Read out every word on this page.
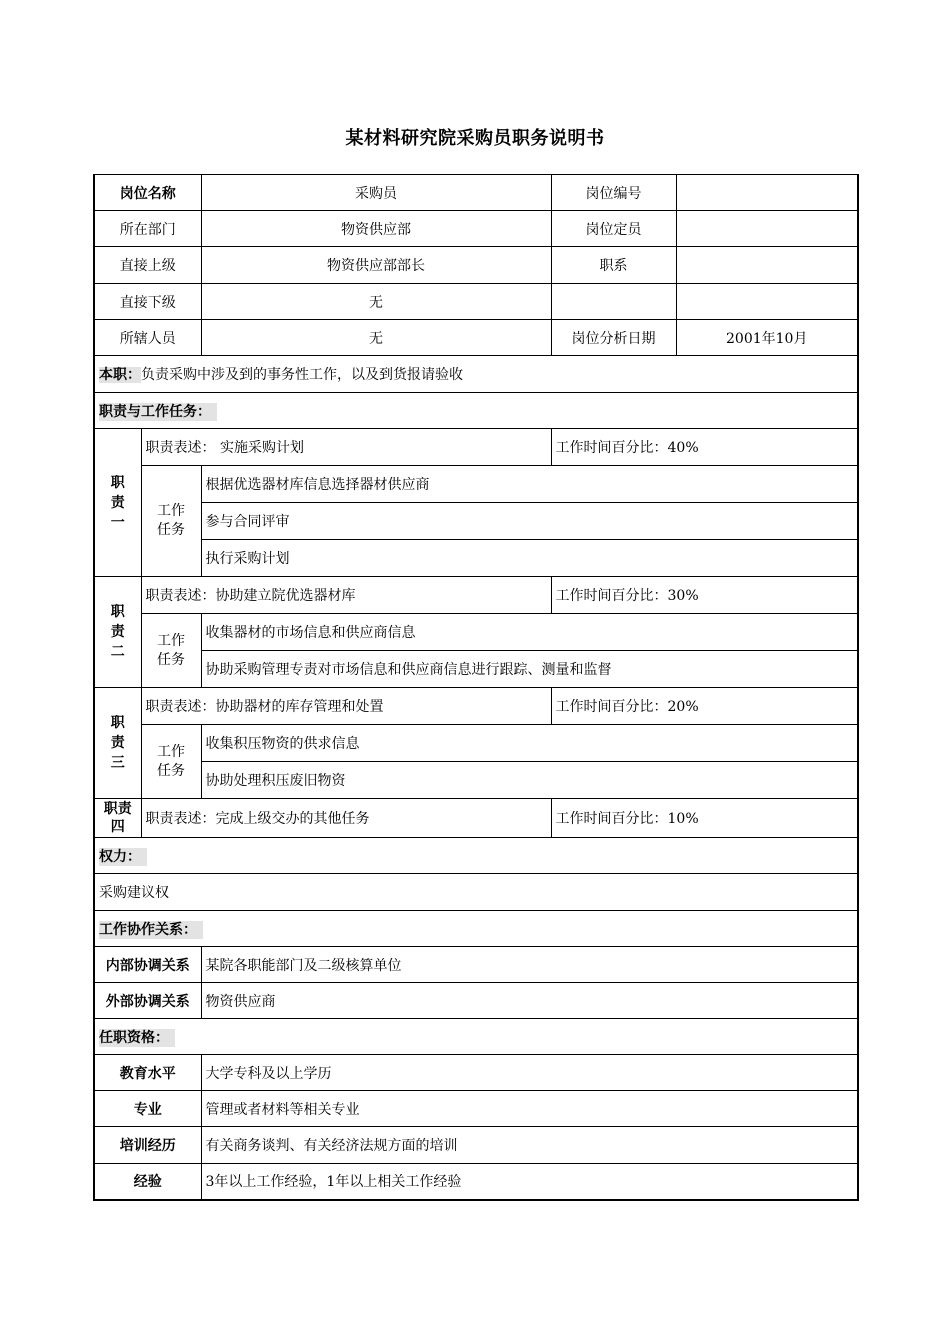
某材料研究院采购员职务说明书
岗位名称		采购员	岗位编号	
所在部门		物资供应部	岗位定员	
直接上级		物资供应部部长	职系	
直接下级		无		
所辖人员		无	岗位分析日期	2001年10月
本职：负责采购中涉及到的事务性工作，以及到货报请验收				
职责与工作任务：				
职责一	职责表述： 实施采购计划		工作时间百分比：40%	
	工作任务	根据优选器材库信息选择器材供应商		
		参与合同评审		
		执行采购计划		
职责二	职责表述：协助建立院优选器材库		工作时间百分比：30%	
	工作任务	收集器材的市场信息和供应商信息		
		协助采购管理专责对市场信息和供应商信息进行跟踪、测量和监督		
职责三	职责表述：协助器材的库存管理和处置		工作时间百分比：20%	
	工作任务	收集积压物资的供求信息		
		协助处理积压废旧物资		
职责四	职责表述：完成上级交办的其他任务		工作时间百分比：10%	
权力：				
采购建议权				
工作协作关系：				
内部协调关系		某院各职能部门及二级核算单位		
外部协调关系		物资供应商		
任职资格：				
教育水平		大学专科及以上学历		
专业		管理或者材料等相关专业		
培训经历		有关商务谈判、有关经济法规方面的培训		
经验		3年以上工作经验，1年以上相关工作经验		
